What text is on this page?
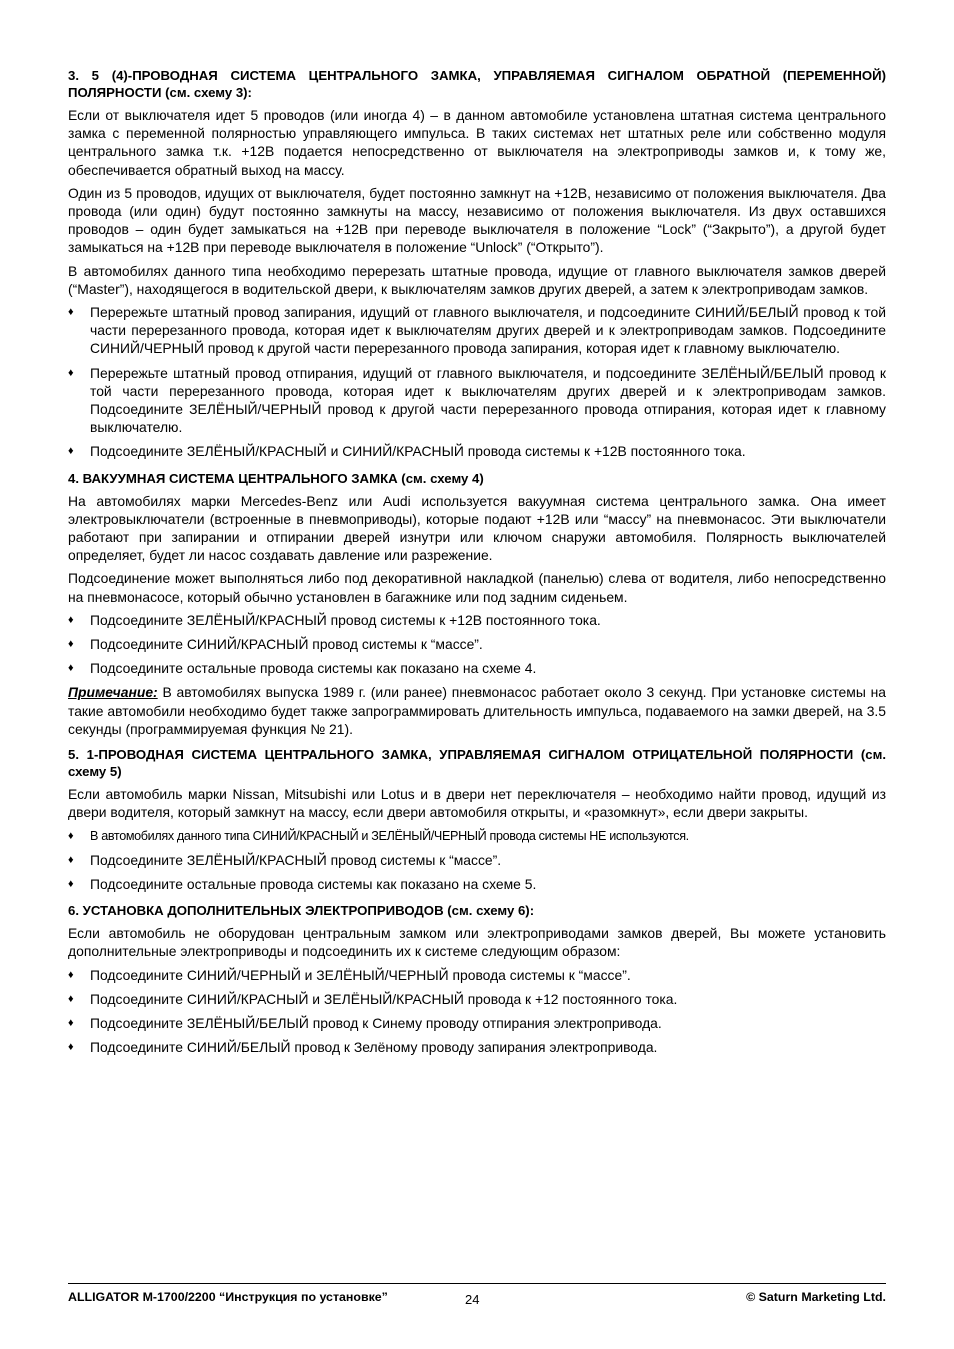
3. 5 (4)-ПРОВОДНАЯ СИСТЕМА ЦЕНТРАЛЬНОГО ЗАМКА, УПРАВЛЯЕМАЯ СИГНАЛОМ ОБРАТНОЙ (ПЕРЕМЕННОЙ) ПОЛЯРНОСТИ (см. схему 3):
Если от выключателя идет 5 проводов (или иногда 4) – в данном автомобиле установлена штатная система центрального замка с переменной полярностью управляющего импульса. В таких системах нет штатных реле или собственно модуля центрального замка т.к. +12В подается непосредственно от выключателя на электроприводы замков и, к тому же, обеспечивается обратный выход на массу.
Один из 5 проводов, идущих от выключателя, будет постоянно замкнут на +12В, независимо от положения выключателя. Два провода (или один) будут постоянно замкнуты на массу, независимо от положения выключателя. Из двух оставшихся проводов – один будет замыкаться на +12В при переводе выключателя в положение “Lock” (“Закрыто”), а другой будет замыкаться на +12В при переводе выключателя в положение “Unlock” (“Открыто”).
В автомобилях данного типа необходимо перерезать штатные провода, идущие от главного выключателя замков дверей (“Master”), находящегося в водительской двери, к выключателям замков других дверей, а затем к электроприводам замков.
♦	Перережьте штатный провод запирания, идущий от главного выключателя, и подсоедините СИНИЙ/БЕЛЫЙ провод к той части перерезанного провода, которая идет к выключателям других дверей и к электроприводам замков. Подсоедините СИНИЙ/ЧЕРНЫЙ провод к другой части перерезанного провода запирания, которая идет к главному выключателю.
♦	Перережьте штатный провод отпирания, идущий от главного выключателя, и подсоедините ЗЕЛЁНЫЙ/БЕЛЫЙ провод к той части перерезанного провода, которая идет к выключателям других дверей и к электроприводам замков. Подсоедините ЗЕЛЁНЫЙ/ЧЕРНЫЙ провод к другой части перерезанного провода отпирания, которая идет к главному выключателю.
♦	Подсоедините ЗЕЛЁНЫЙ/КРАСНЫЙ и СИНИЙ/КРАСНЫЙ провода системы к +12В постоянного тока.
4. ВАКУУМНАЯ СИСТЕМА ЦЕНТРАЛЬНОГО ЗАМКА (см. схему 4)
На автомобилях марки Mercedes-Benz или Audi используется вакуумная система центрального замка. Она имеет электровыключатели (встроенные в пневмоприводы), которые подают +12В или “массу” на пневмонасос. Эти выключатели работают при запирании и отпирании дверей изнутри или ключом снаружи автомобиля. Полярность выключателей определяет, будет ли насос создавать давление или разрежение.
Подсоединение может выполняться либо под декоративной накладкой (панелью) слева от водителя, либо непосредственно на пневмонасосе, который обычно установлен в багажнике или под задним сиденьем.
♦	Подсоедините ЗЕЛЁНЫЙ/КРАСНЫЙ провод системы к +12В постоянного тока.
♦	Подсоедините СИНИЙ/КРАСНЫЙ провод системы к “массе”.
♦	Подсоедините остальные провода системы как показано на схеме 4.
Примечание: В автомобилях выпуска 1989 г. (или ранее) пневмонасос работает около 3 секунд. При установке системы на такие автомобили необходимо будет также запрограммировать длительность импульса, подаваемого на замки дверей, на 3.5 секунды (программируемая функция № 21).
5. 1-ПРОВОДНАЯ СИСТЕМА ЦЕНТРАЛЬНОГО ЗАМКА, УПРАВЛЯЕМАЯ СИГНАЛОМ ОТРИЦАТЕЛЬНОЙ ПОЛЯРНОСТИ (см. схему 5)
Если автомобиль марки Nissan, Mitsubishi или Lotus и в двери нет переключателя – необходимо найти провод, идущий из двери водителя, который замкнут на массу, если двери автомобиля открыты, и «разомкнут», если двери закрыты.
♦	В автомобилях данного типа СИНИЙ/КРАСНЫЙ и ЗЕЛЁНЫЙ/ЧЕРНЫЙ провода системы НЕ используются.
♦	Подсоедините ЗЕЛЁНЫЙ/КРАСНЫЙ провод системы к “массе”.
♦	Подсоедините остальные провода системы как показано на схеме 5.
6. УСТАНОВКА ДОПОЛНИТЕЛЬНЫХ ЭЛЕКТРОПРИВОДОВ (см. схему 6):
Если автомобиль не оборудован центральным замком или электроприводами замков дверей, Вы можете установить дополнительные электроприводы и подсоединить их к системе следующим образом:
♦	Подсоедините СИНИЙ/ЧЕРНЫЙ и ЗЕЛЁНЫЙ/ЧЕРНЫЙ провода системы к “массе”.
♦	Подсоедините СИНИЙ/КРАСНЫЙ и ЗЕЛЁНЫЙ/КРАСНЫЙ провода к +12 постоянного тока.
♦	Подсоедините ЗЕЛЁНЫЙ/БЕЛЫЙ провод к Синему проводу отпирания электропривода.
♦	Подсоедините СИНИЙ/БЕЛЫЙ провод к Зелёному проводу запирания электропривода.
ALLIGATOR M-1700/2200 “Инструкция по установке”	24	© Saturn Marketing Ltd.
